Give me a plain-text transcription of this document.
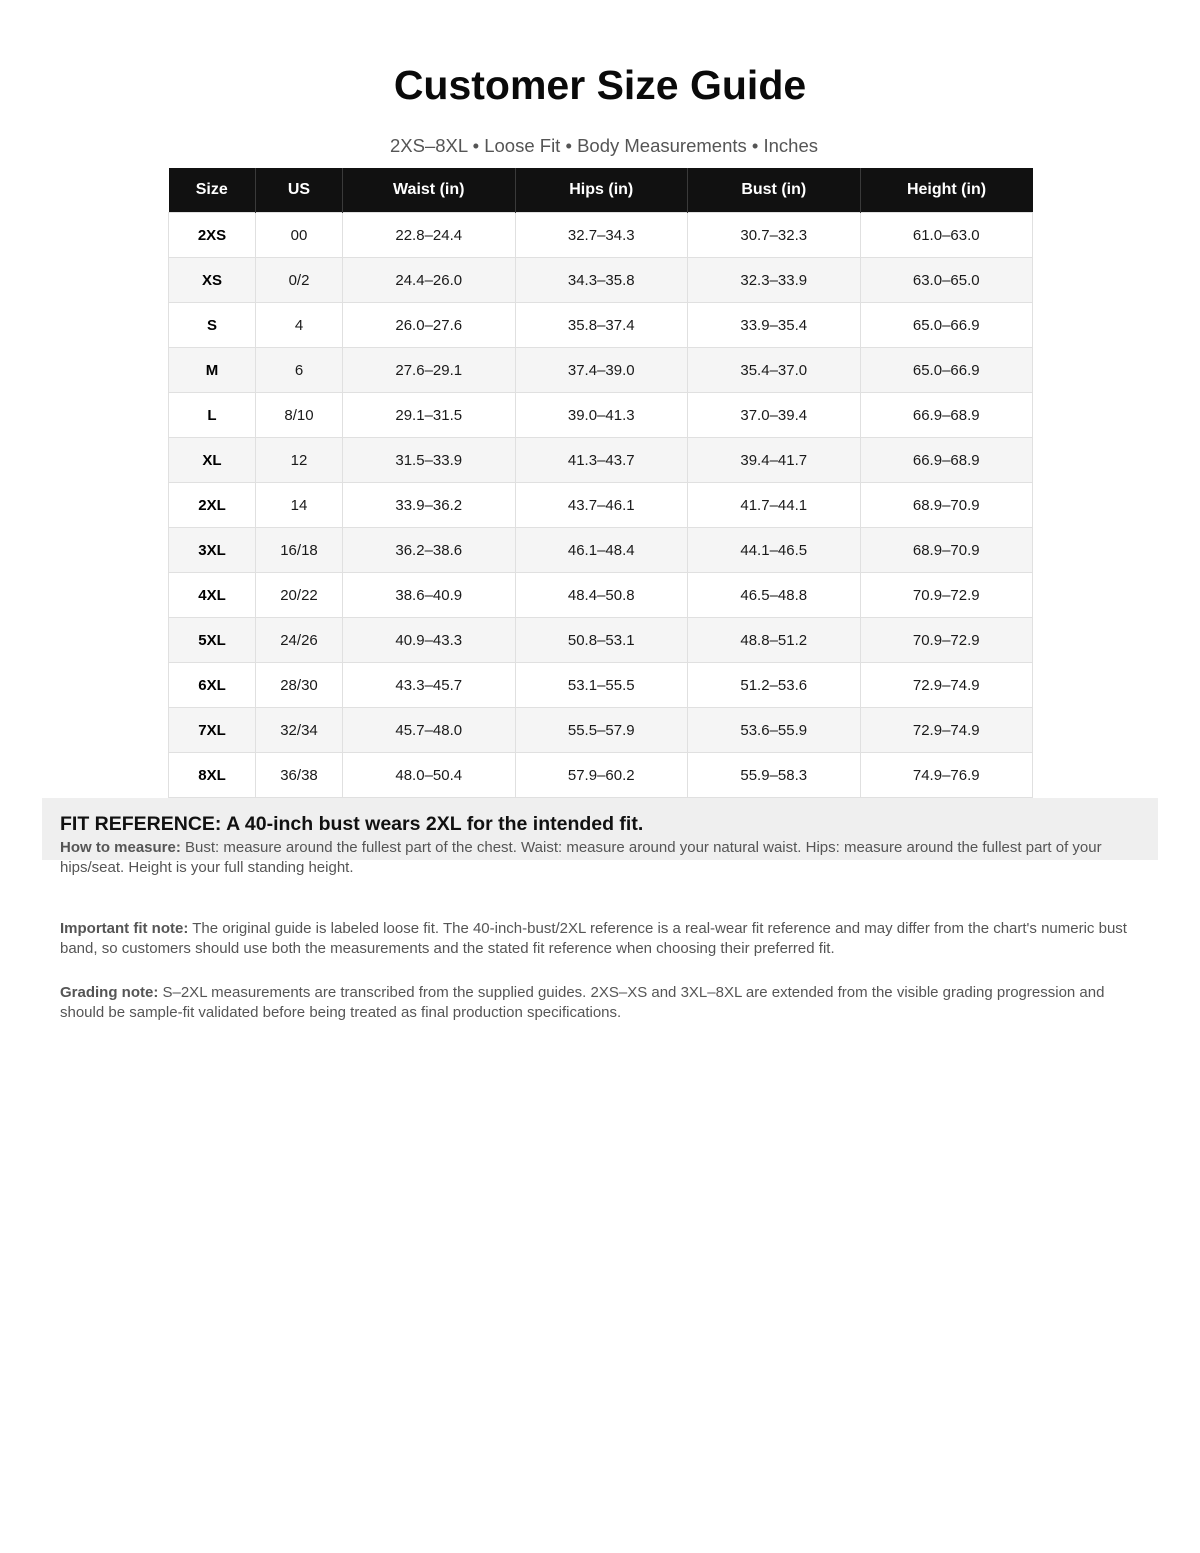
Customer Size Guide
2XS–8XL • Loose Fit • Body Measurements • Inches
Size	US	Waist (in)	Hips (in)	Bust (in)	Height (in)
2XS	00	22.8–24.4	32.7–34.3	30.7–32.3	61.0–63.0
XS	0/2	24.4–26.0	34.3–35.8	32.3–33.9	63.0–65.0
S	4	26.0–27.6	35.8–37.4	33.9–35.4	65.0–66.9
M	6	27.6–29.1	37.4–39.0	35.4–37.0	65.0–66.9
L	8/10	29.1–31.5	39.0–41.3	37.0–39.4	66.9–68.9
XL	12	31.5–33.9	41.3–43.7	39.4–41.7	66.9–68.9
2XL	14	33.9–36.2	43.7–46.1	41.7–44.1	68.9–70.9
3XL	16/18	36.2–38.6	46.1–48.4	44.1–46.5	68.9–70.9
4XL	20/22	38.6–40.9	48.4–50.8	46.5–48.8	70.9–72.9
5XL	24/26	40.9–43.3	50.8–53.1	48.8–51.2	70.9–72.9
6XL	28/30	43.3–45.7	53.1–55.5	51.2–53.6	72.9–74.9
7XL	32/34	45.7–48.0	55.5–57.9	53.6–55.9	72.9–74.9
8XL	36/38	48.0–50.4	57.9–60.2	55.9–58.3	74.9–76.9

FIT REFERENCE: A 40-inch bust wears 2XL for the intended fit.

How to measure: Bust: measure around the fullest part of the chest. Waist: measure around your natural waist. Hips: measure around the fullest part of your hips/seat. Height is your full standing height.

Important fit note: The original guide is labeled loose fit. The 40-inch-bust/2XL reference is a real-wear fit reference and may differ from the chart's numeric bust band, so customers should use both the measurements and the stated fit reference when choosing their preferred fit.

Grading note: S–2XL measurements are transcribed from the supplied guides. 2XS–XS and 3XL–8XL are extended from the visible grading progression and should be sample-fit validated before being treated as final production specifications.
